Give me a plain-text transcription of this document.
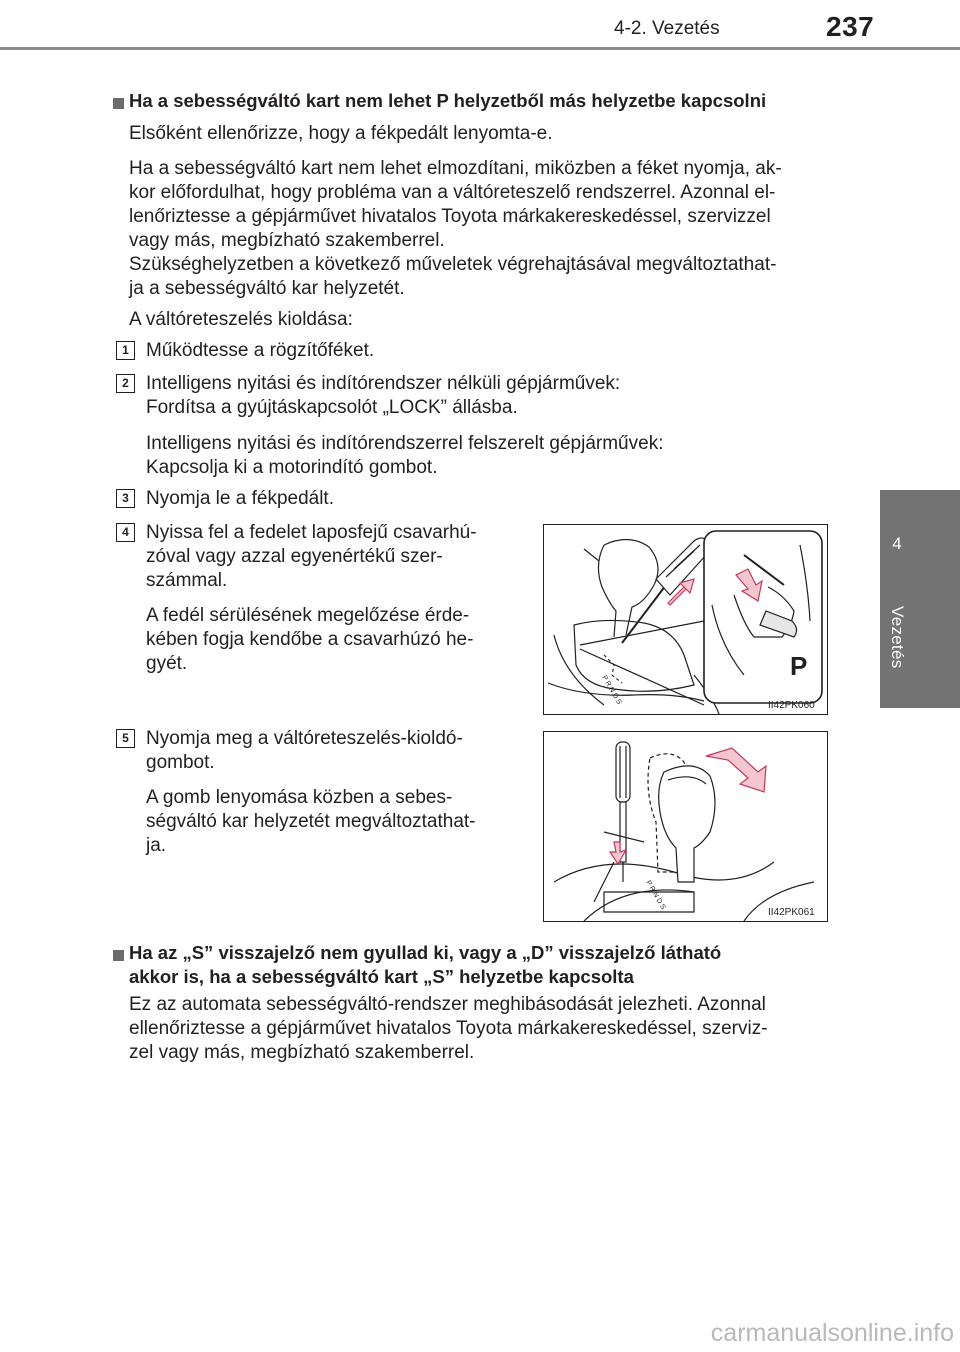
4-2. Vezetés	237
4
Vezetés
Ha a sebességváltó kart nem lehet P helyzetből más helyzetbe kapcsolni
Elsőként ellenőrizze, hogy a fékpedált lenyomta-e.
Ha a sebességváltó kart nem lehet elmozdítani, miközben a féket nyomja, ak-
kor előfordulhat, hogy probléma van a váltóreteszelő rendszerrel. Azonnal el-
lenőriztesse a gépjárművet hivatalos Toyota márkakereskedéssel, szervizzel
vagy más, megbízható szakemberrel.
Szükséghelyzetben a következő műveletek végrehajtásával megváltoztathat-
ja a sebességváltó kar helyzetét.
A váltóreteszelés kioldása:
1 Működtesse a rögzítőféket.
2 Intelligens nyitási és indítórendszer nélküli gépjárművek:
Fordítsa a gyújtáskapcsolót „LOCK” állásba.
Intelligens nyitási és indítórendszerrel felszerelt gépjárművek:
Kapcsolja ki a motorindító gombot.
3 Nyomja le a fékpedált.
4 Nyissa fel a fedelet laposfejű csavarhú-
zóval vagy azzal egyenértékű szer-
számmal.
A fedél sérülésének megelőzése érde-
kében fogja kendőbe a csavarhúzó he-
gyét.
5 Nyomja meg a váltóreteszelés-kioldó-
gombot.
A gomb lenyomása közben a sebes-
ségváltó kar helyzetét megváltoztathat-
ja.
P
P R N D S	II42PK060
P R N D S
II42PK061
Ha az „S” visszajelző nem gyullad ki, vagy a „D” visszajelző látható
akkor is, ha a sebességváltó kart „S” helyzetbe kapcsolta
Ez az automata sebességváltó-rendszer meghibásodását jelezheti. Azonnal
ellenőriztesse a gépjárművet hivatalos Toyota márkakereskedéssel, szerviz-
zel vagy más, megbízható szakemberrel.
carmanualsonline.info
